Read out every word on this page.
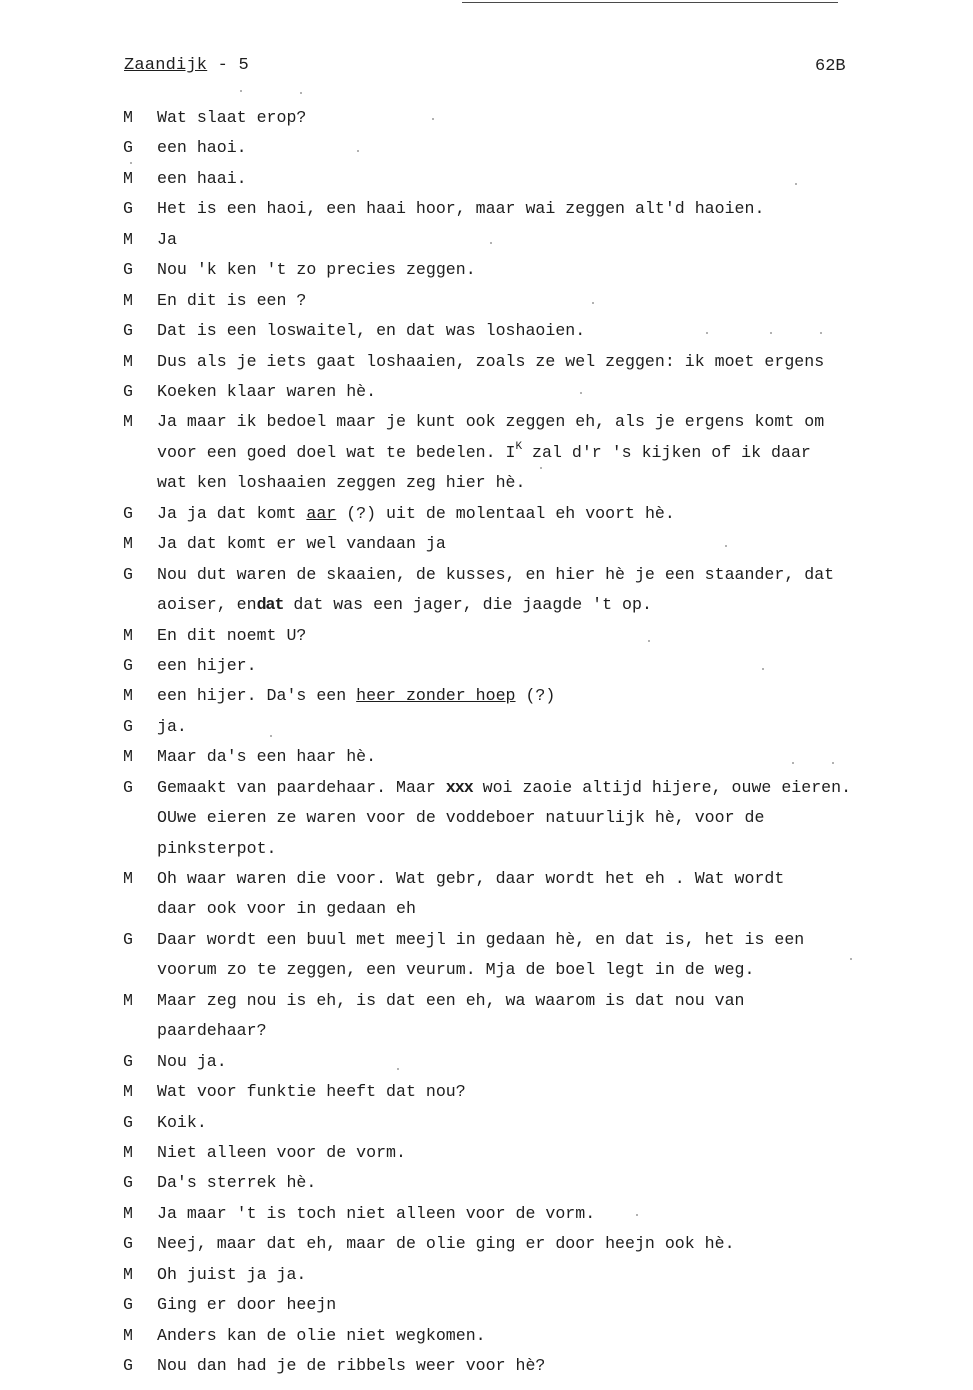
Zaandijk - 5	62B
M Wat slaat erop?
G een haoi.
M een haai.
G Het is een haoi, een haai hoor, maar wai zeggen alt'd haoien.
M Ja
G Nou 'k ken 't zo precies zeggen.
M En dit is een ?
G Dat is een loswaitel, en dat was loshaoien.
M Dus als je iets gaat loshaaien, zoals ze wel zeggen: ik moet ergens
G Koeken klaar waren hè.
M Ja maar ik bedoel maar je kunt ook zeggen eh, als je ergens komt om
voor een goed doel wat te bedelen. $I^K$ zal d'r 's kijken of ik daar
wat ken loshaaien zeggen zeg hier hè.
G Ja ja dat komt aar (?) uit de molentaal eh voort hè.
M Ja dat komt er wel vandaan ja
G Nou dut waren de skaaien, de kusses, en hier hè je een staander, dat
aoiser, endat dat was een jager, die jaagde 't op.
M En dit noemt U?
G een hijer.
M een hijer. Da's een heer zonder hoep (?)
G ja.
M Maar da's een haar hè.
G Gemaakt van paardehaar. Maar xxx woi zaoie altijd hijere, ouwe eieren.
OUwe eieren ze waren voor de voddeboer natuurlijk hè, voor de
pinksterpot.
M Oh waar waren die voor. Wat gebr, daar wordt het eh . Wat wordt
daar ook voor in gedaan eh
G Daar wordt een buul met meejl in gedaan hè, en dat is, het is een
voorum zo te zeggen, een veurum. Mja de boel legt in de weg.
M Maar zeg nou is eh, is dat een eh, wa waarom is dat nou van
paardehaar?
G Nou ja.
M Wat voor funktie heeft dat nou?
G Koik.
M Niet alleen voor de vorm.
G Da's sterrek hè.
M Ja maar 't is toch niet alleen voor de vorm.
G Neej, maar dat eh, maar de olie ging er door heejn ook hè.
M Oh juist ja ja.
G Ging er door heejn
M Anders kan de olie niet wegkomen.
G Nou dan had je de ribbels weer voor hè?
